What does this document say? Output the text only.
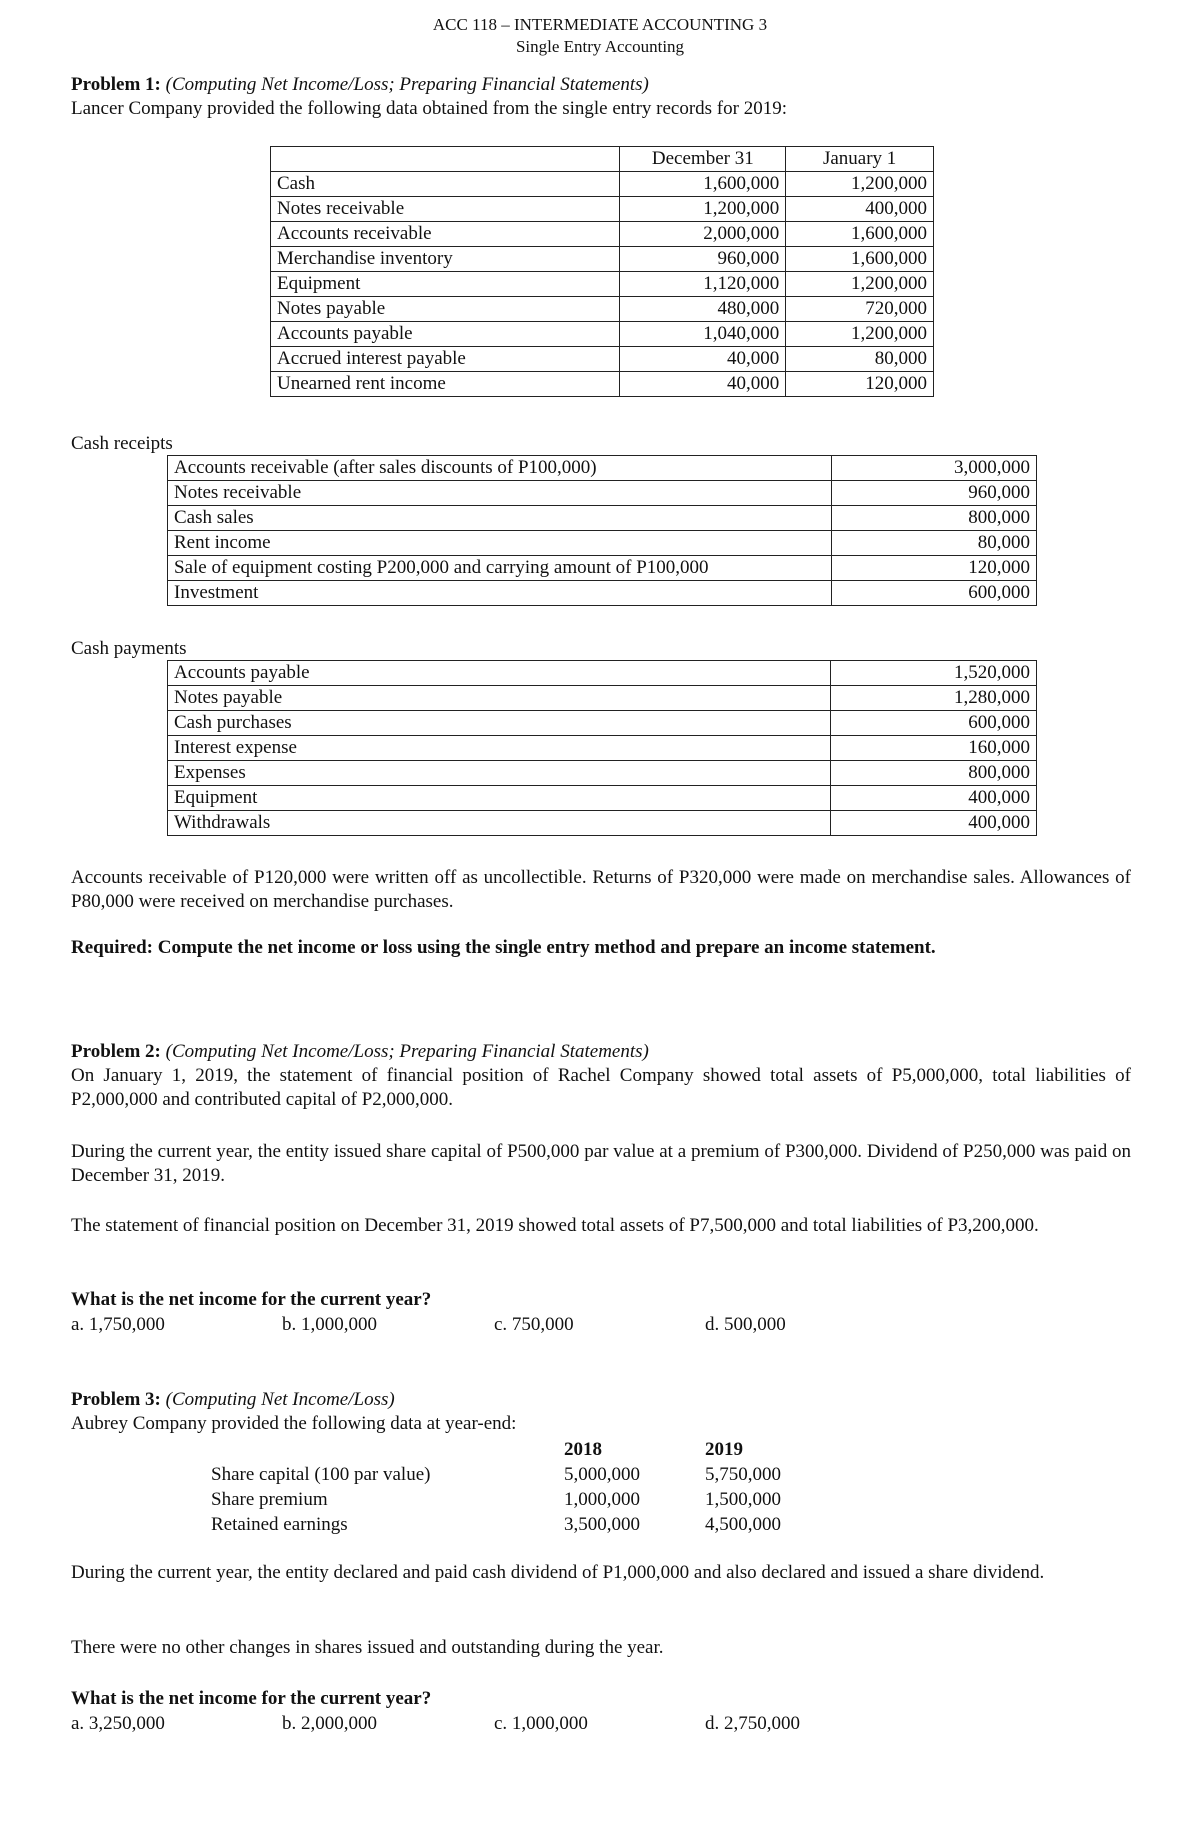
ACC 118 – INTERMEDIATE ACCOUNTING 3
Single Entry Accounting
Problem 1: (Computing Net Income/Loss; Preparing Financial Statements)
Lancer Company provided the following data obtained from the single entry records for 2019:
	December 31	January 1
Cash	1,600,000	1,200,000
Notes receivable	1,200,000	400,000
Accounts receivable	2,000,000	1,600,000
Merchandise inventory	960,000	1,600,000
Equipment	1,120,000	1,200,000
Notes payable	480,000	720,000
Accounts payable	1,040,000	1,200,000
Accrued interest payable	40,000	80,000
Unearned rent income	40,000	120,000
Cash receipts
Accounts receivable (after sales discounts of P100,000)	3,000,000
Notes receivable	960,000
Cash sales	800,000
Rent income	80,000
Sale of equipment costing P200,000 and carrying amount of P100,000	120,000
Investment	600,000
Cash payments
Accounts payable	1,520,000
Notes payable	1,280,000
Cash purchases	600,000
Interest expense	160,000
Expenses	800,000
Equipment	400,000
Withdrawals	400,000
Accounts receivable of P120,000 were written off as uncollectible. Returns of P320,000 were made on merchandise sales. Allowances of P80,000 were received on merchandise purchases.
Required: Compute the net income or loss using the single entry method and prepare an income statement.
Problem 2: (Computing Net Income/Loss; Preparing Financial Statements)
On January 1, 2019, the statement of financial position of Rachel Company showed total assets of P5,000,000, total liabilities of P2,000,000 and contributed capital of P2,000,000.
During the current year, the entity issued share capital of P500,000 par value at a premium of P300,000. Dividend of P250,000 was paid on December 31, 2019.
The statement of financial position on December 31, 2019 showed total assets of P7,500,000 and total liabilities of P3,200,000.
What is the net income for the current year?
a. 1,750,000	b. 1,000,000	c. 750,000	d. 500,000
Problem 3: (Computing Net Income/Loss)
Aubrey Company provided the following data at year-end:
	2018	2019
Share capital (100 par value)	5,000,000	5,750,000
Share premium	1,000,000	1,500,000
Retained earnings	3,500,000	4,500,000
During the current year, the entity declared and paid cash dividend of P1,000,000 and also declared and issued a share dividend.
There were no other changes in shares issued and outstanding during the year.
What is the net income for the current year?
a. 3,250,000	b. 2,000,000	c. 1,000,000	d. 2,750,000
